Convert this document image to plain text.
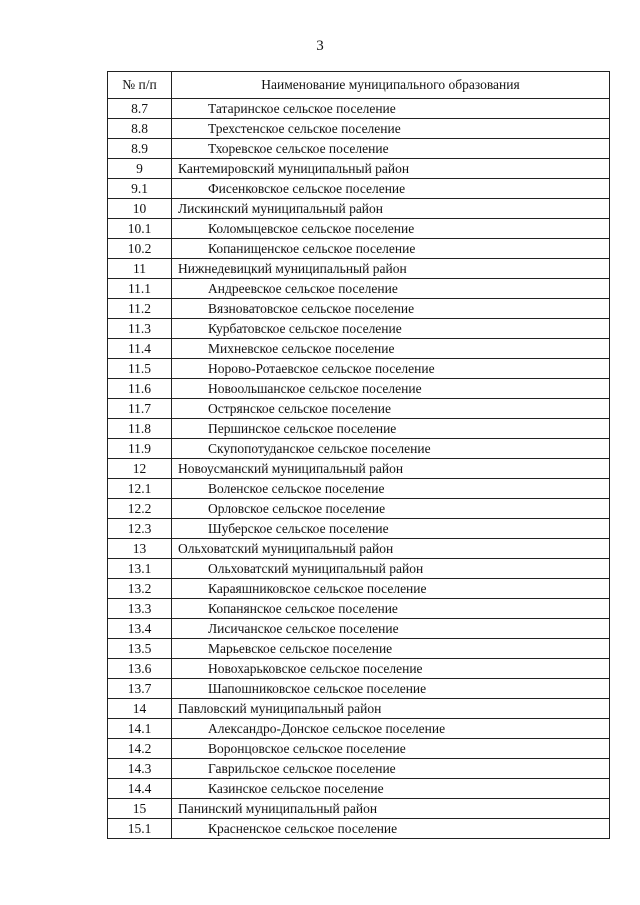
3
№ п/п	Наименование муниципального образования
8.7	Татаринское сельское поселение
8.8	Трехстенское сельское поселение
8.9	Тхоревское сельское поселение
9	Кантемировский муниципальный район
9.1	Фисенковское сельское поселение
10	Лискинский муниципальный район
10.1	Коломыцевское сельское поселение
10.2	Копанищенское сельское поселение
11	Нижнедевицкий муниципальный район
11.1	Андреевское сельское поселение
11.2	Вязноватовское сельское поселение
11.3	Курбатовское сельское поселение
11.4	Михневское сельское поселение
11.5	Норово-Ротаевское сельское поселение
11.6	Новоольшанское сельское поселение
11.7	Острянское сельское поселение
11.8	Першинское сельское поселение
11.9	Скупопотуданское сельское поселение
12	Новоусманский муниципальный район
12.1	Воленское сельское поселение
12.2	Орловское сельское поселение
12.3	Шуберское сельское поселение
13	Ольховатский муниципальный район
13.1	Ольховатский муниципальный район
13.2	Караяшниковское сельское поселение
13.3	Копанянское сельское поселение
13.4	Лисичанское сельское поселение
13.5	Марьевское сельское поселение
13.6	Новохарьковское сельское поселение
13.7	Шапошниковское сельское поселение
14	Павловский муниципальный район
14.1	Александро-Донское сельское поселение
14.2	Воронцовское сельское поселение
14.3	Гаврильское сельское поселение
14.4	Казинское сельское поселение
15	Панинский муниципальный район
15.1	Красненское сельское поселение
